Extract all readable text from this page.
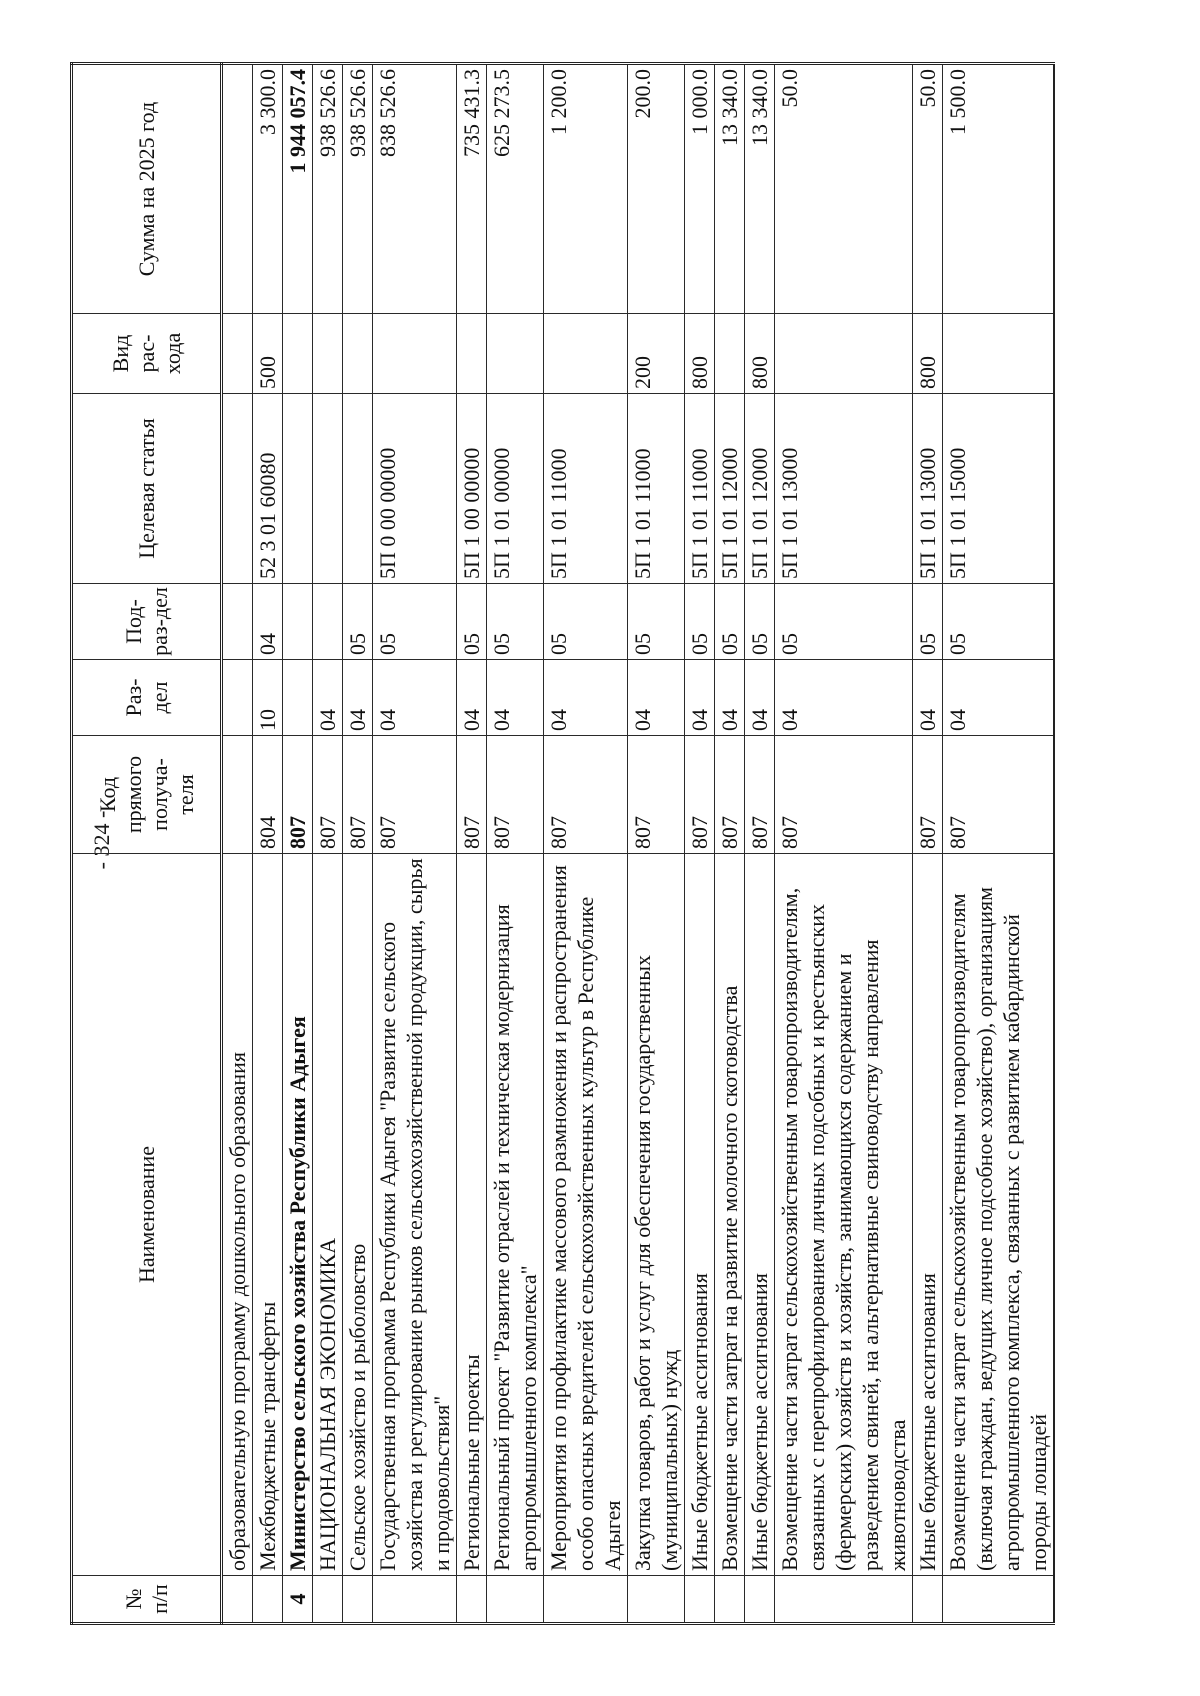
- 324 -
№ п/п	Наименование	Код прямого получа-теля	Раз-дел	Под-раз-дел	Целевая статья	Вид рас-хода	Сумма на 2025 год
	образовательную программу дошкольного образования						
	Межбюджетные трансферты	804	10	04	52 3 01 60080	500	3 300.0
4	Министерство сельского хозяйства Республики Адыгея	807					1 944 057.4
	НАЦИОНАЛЬНАЯ ЭКОНОМИКА	807	04				938 526.6
	Сельское хозяйство и рыболовство	807	04	05			938 526.6
	Государственная программа Республики Адыгея "Развитие сельского хозяйства и регулирование рынков сельскохозяйственной продукции, сырья и продовольствия"	807	04	05	5П 0 00 00000		838 526.6
	Региональные проекты	807	04	05	5П 1 00 00000		735 431.3
	Региональный проект "Развитие отраслей и техническая модернизация агропромышленного комплекса"	807	04	05	5П 1 01 00000		625 273.5
	Мероприятия по профилактике массового размножения и распространения особо опасных вредителей сельскохозяйственных культур в Республике Адыгея	807	04	05	5П 1 01 11000		1 200.0
	Закупка товаров, работ и услуг для обеспечения государственных (муниципальных) нужд	807	04	05	5П 1 01 11000	200	200.0
	Иные бюджетные ассигнования	807	04	05	5П 1 01 11000	800	1 000.0
	Возмещение части затрат на развитие молочного скотоводства	807	04	05	5П 1 01 12000		13 340.0
	Иные бюджетные ассигнования	807	04	05	5П 1 01 12000	800	13 340.0
	Возмещение части затрат сельскохозяйственным товаропроизводителям, связанных с перепрофилированием личных подсобных и крестьянских (фермерских) хозяйств и хозяйств, занимающихся содержанием и разведением свиней, на альтернативные свиноводству направления животноводства	807	04	05	5П 1 01 13000		50.0
	Иные бюджетные ассигнования	807	04	05	5П 1 01 13000	800	50.0
	Возмещение части затрат сельскохозяйственным товаропроизводителям (включая граждан, ведущих личное подсобное хозяйство), организациям агропромышленного комплекса, связанных с развитием кабардинской породы лошадей	807	04	05	5П 1 01 15000		1 500.0
